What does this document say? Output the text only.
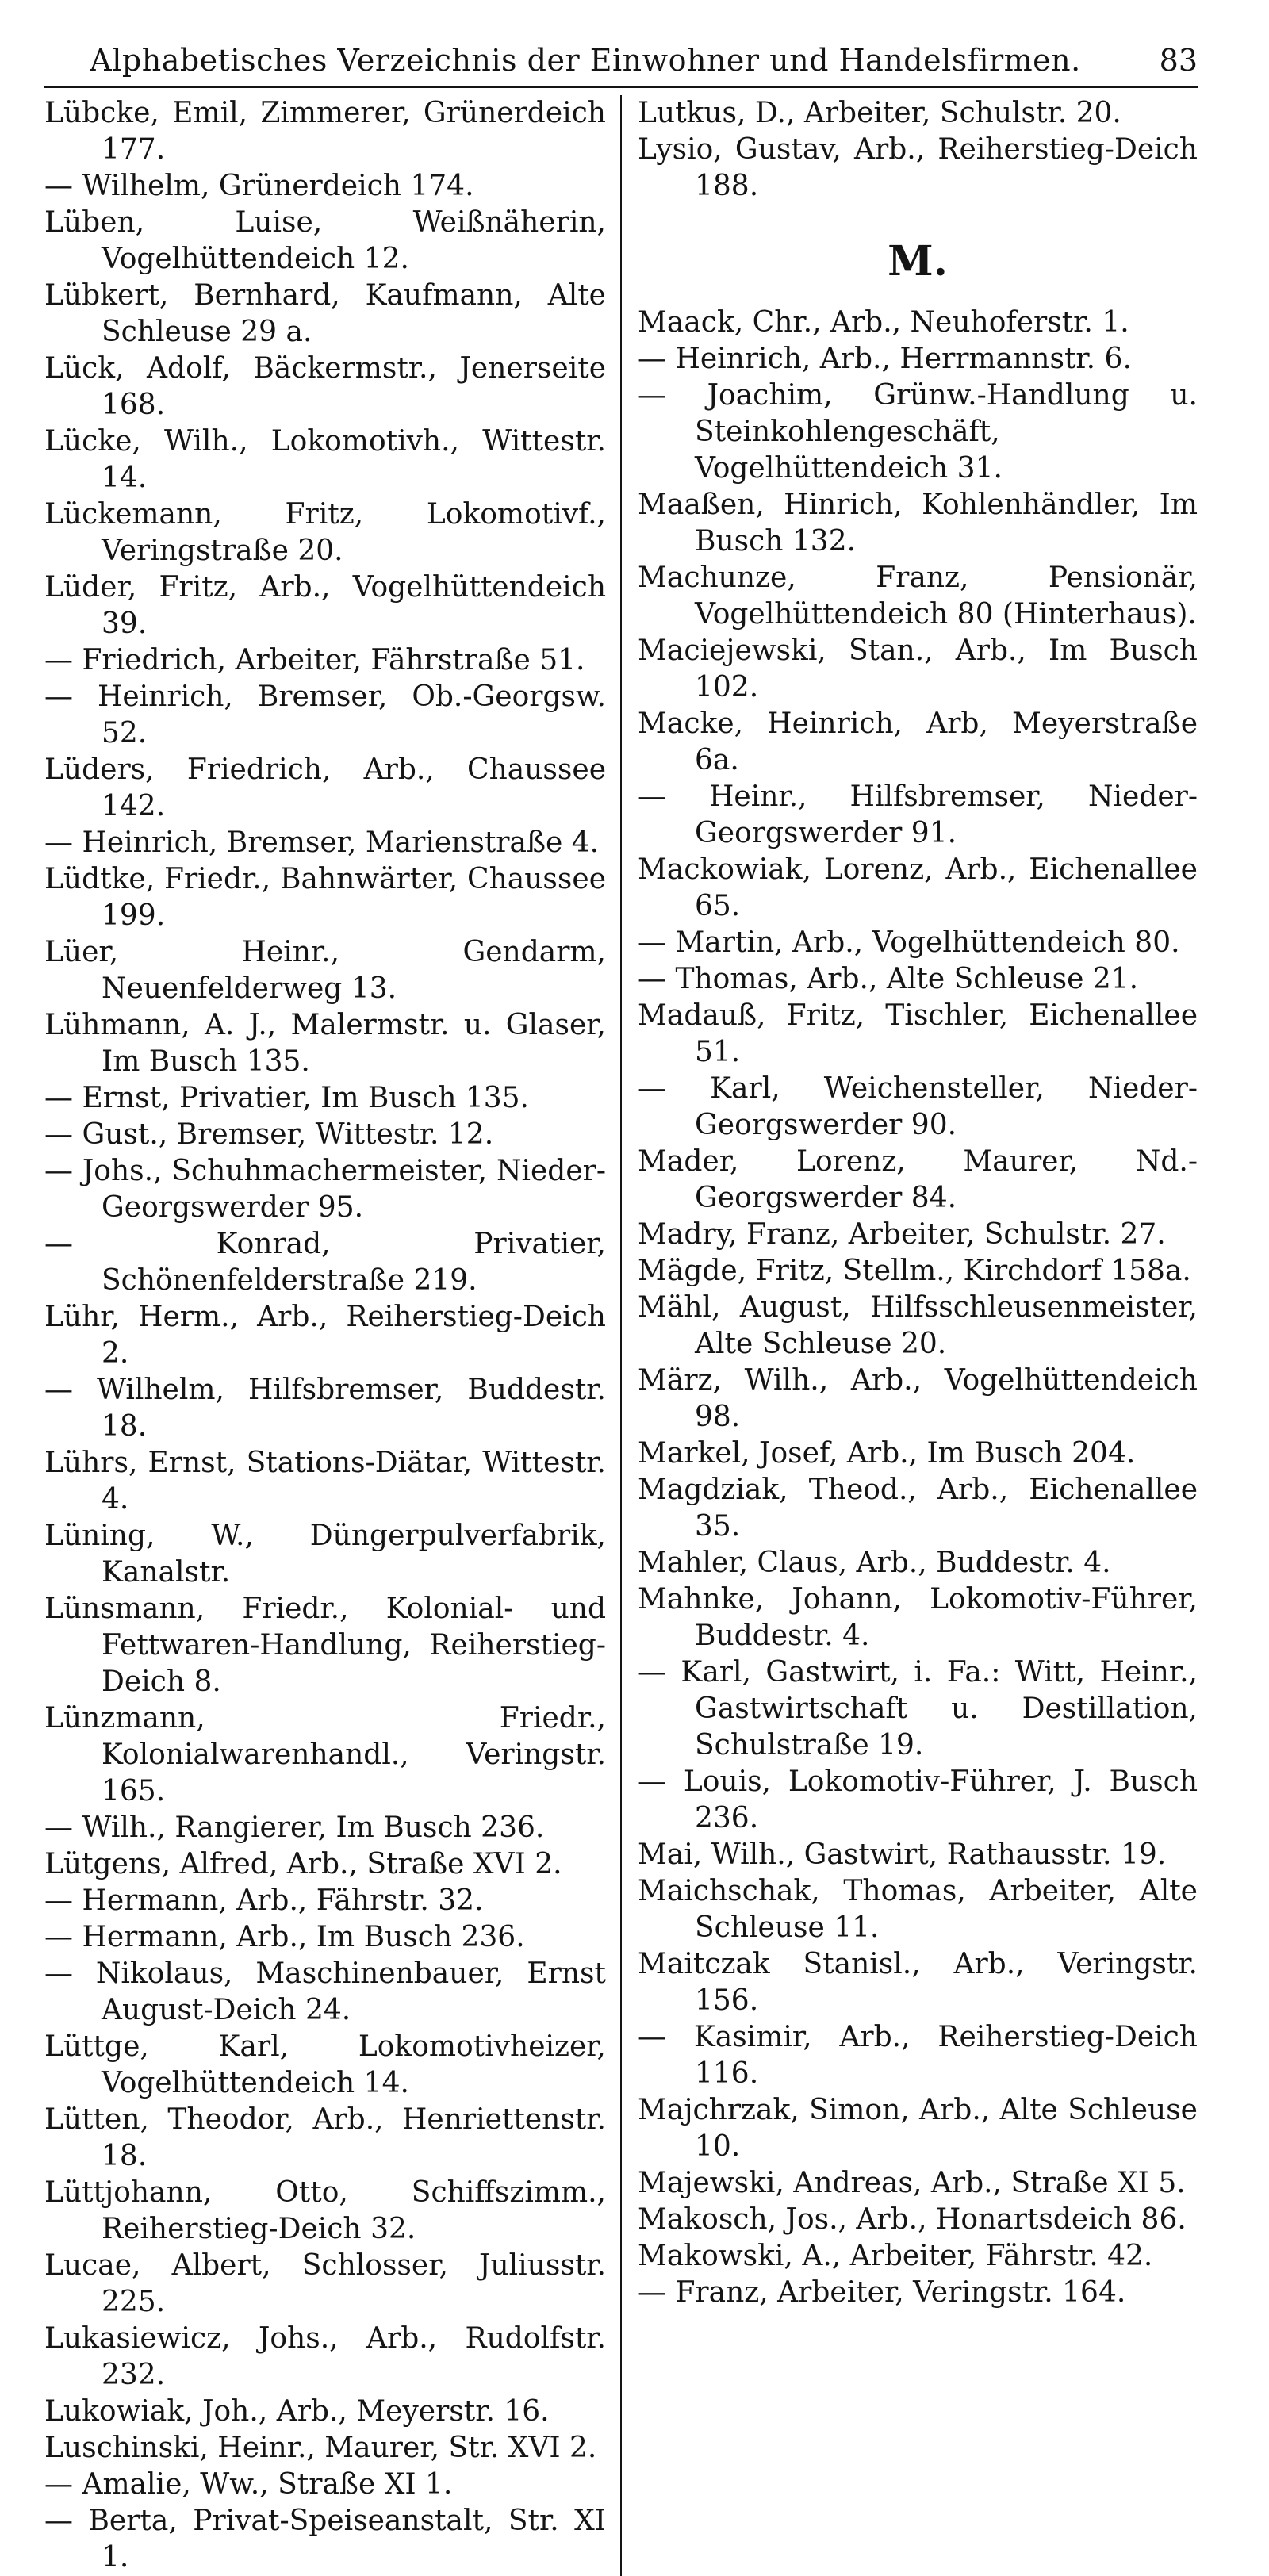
Alphabetisches Verzeichnis der Einwohner und Handelsfirmen.	83
Lübcke, Emil, Zimmerer, Grünerdeich 177.
— Wilhelm, Grünerdeich 174.
Lüben, Luise, Weißnäherin, Vogelhüttendeich 12.
Lübkert, Bernhard, Kaufmann, Alte Schleuse 29 a.
Lück, Adolf, Bäckermstr., Jenerseite 168.
Lücke, Wilh., Lokomotivh., Wittestr. 14.
Lückemann, Fritz, Lokomotivf., Veringstraße 20.
Lüder, Fritz, Arb., Vogelhüttendeich 39.
— Friedrich, Arbeiter, Fährstraße 51.
— Heinrich, Bremser, Ob.-Georgsw. 52.
Lüders, Friedrich, Arb., Chaussee 142.
— Heinrich, Bremser, Marienstraße 4.
Lüdtke, Friedr., Bahnwärter, Chaussee 199.
Lüer, Heinr., Gendarm, Neuenfelderweg 13.
Lühmann, A. J., Malermstr. u. Glaser, Im Busch 135.
— Ernst, Privatier, Im Busch 135.
— Gust., Bremser, Wittestr. 12.
— Johs., Schuhmachermeister, Nieder-Georgswerder 95.
— Konrad, Privatier, Schönenfelderstraße 219.
Lühr, Herm., Arb., Reiherstieg-Deich 2.
— Wilhelm, Hilfsbremser, Buddestr. 18.
Lührs, Ernst, Stations-Diätar, Wittestr. 4.
Lüning, W., Düngerpulverfabrik, Kanalstr.
Lünsmann, Friedr., Kolonial- und Fettwaren-Handlung, Reiherstieg-Deich 8.
Lünzmann, Friedr., Kolonialwarenhandl., Veringstr. 165.
— Wilh., Rangierer, Im Busch 236.
Lütgens, Alfred, Arb., Straße XVI 2.
— Hermann, Arb., Fährstr. 32.
— Hermann, Arb., Im Busch 236.
— Nikolaus, Maschinenbauer, Ernst August-Deich 24.
Lüttge, Karl, Lokomotivheizer, Vogelhüttendeich 14.
Lütten, Theodor, Arb., Henriettenstr. 18.
Lüttjohann, Otto, Schiffszimm., Reiherstieg-Deich 32.
Lucae, Albert, Schlosser, Juliusstr. 225.
Lukasiewicz, Johs., Arb., Rudolfstr. 232.
Lukowiak, Joh., Arb., Meyerstr. 16.
Luschinski, Heinr., Maurer, Str. XVI 2.
— Amalie, Ww., Straße XI 1.
— Berta, Privat-Speiseanstalt, Str. XI 1.
Lutkus, D., Arbeiter, Schulstr. 20.
Lysio, Gustav, Arb., Reiherstieg-Deich 188.
M.
Maack, Chr., Arb., Neuhoferstr. 1.
— Heinrich, Arb., Herrmannstr. 6.
— Joachim, Grünw.-Handlung u. Steinkohlengeschäft, Vogelhüttendeich 31.
Maaßen, Hinrich, Kohlenhändler, Im Busch 132.
Machunze, Franz, Pensionär, Vogelhüttendeich 80 (Hinterhaus).
Maciejewski, Stan., Arb., Im Busch 102.
Macke, Heinrich, Arb, Meyerstraße 6a.
— Heinr., Hilfsbremser, Nieder-Georgswerder 91.
Mackowiak, Lorenz, Arb., Eichenallee 65.
— Martin, Arb., Vogelhüttendeich 80.
— Thomas, Arb., Alte Schleuse 21.
Madauß, Fritz, Tischler, Eichenallee 51.
— Karl, Weichensteller, Nieder-Georgswerder 90.
Mader, Lorenz, Maurer, Nd.-Georgswerder 84.
Madry, Franz, Arbeiter, Schulstr. 27.
Mägde, Fritz, Stellm., Kirchdorf 158a.
Mähl, August, Hilfsschleusenmeister, Alte Schleuse 20.
März, Wilh., Arb., Vogelhüttendeich 98.
Markel, Josef, Arb., Im Busch 204.
Magdziak, Theod., Arb., Eichenallee 35.
Mahler, Claus, Arb., Buddestr. 4.
Mahnke, Johann, Lokomotiv-Führer, Buddestr. 4.
— Karl, Gastwirt, i. Fa.: Witt, Heinr., Gastwirtschaft u. Destillation, Schulstraße 19.
— Louis, Lokomotiv-Führer, J. Busch 236.
Mai, Wilh., Gastwirt, Rathausstr. 19.
Maichschak, Thomas, Arbeiter, Alte Schleuse 11.
Maitczak Stanisl., Arb., Veringstr. 156.
— Kasimir, Arb., Reiherstieg-Deich 116.
Majchrzak, Simon, Arb., Alte Schleuse 10.
Majewski, Andreas, Arb., Straße XI 5.
Makosch, Jos., Arb., Honartsdeich 86.
Makowski, A., Arbeiter, Fährstr. 42.
— Franz, Arbeiter, Veringstr. 164.
